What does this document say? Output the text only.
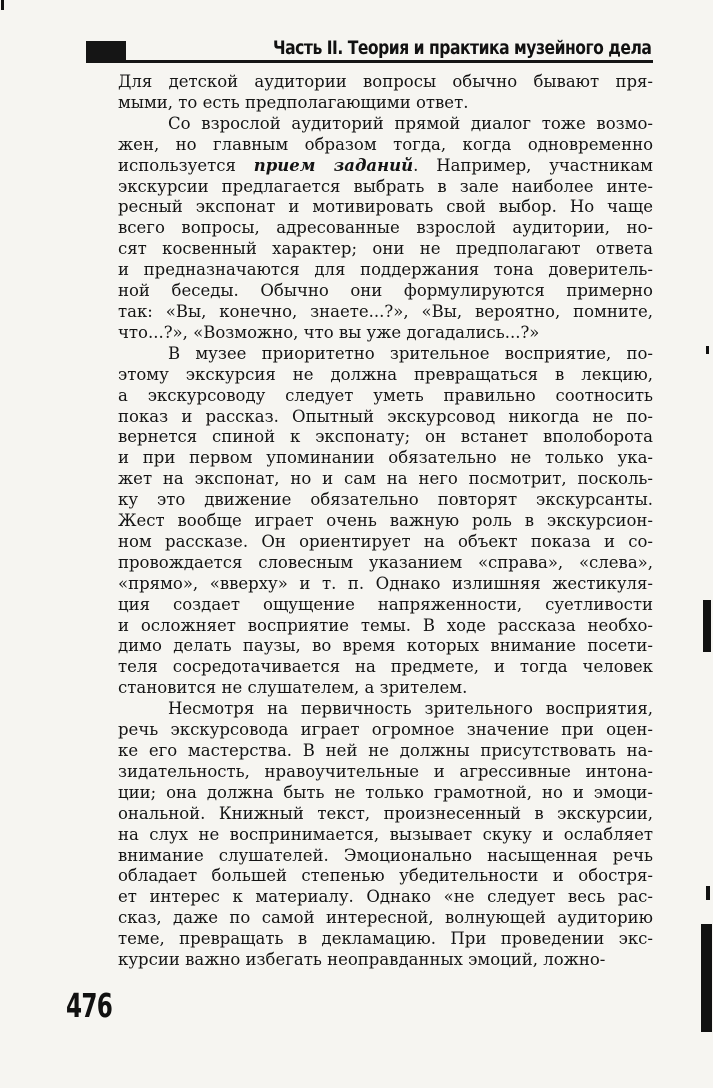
Часть II. Теория и практика музейного дела

Для детской аудитории вопросы обычно бывают пря-
мыми, то есть предполагающими ответ.

Со взрослой аудиторий прямой диалог тоже возмо-
жен, но главным образом тогда, когда одновременно
используется прием заданий. Например, участникам
экскурсии предлагается выбрать в зале наиболее инте-
ресный экспонат и мотивировать свой выбор. Но чаще
всего вопросы, адресованные взрослой аудитории, но-
сят косвенный характер; они не предполагают ответа
и предназначаются для поддержания тона доверитель-
ной беседы. Обычно они формулируются примерно
так: «Вы, конечно, знаете...?», «Вы, вероятно, помните,
что...?», «Возможно, что вы уже догадались...?»

В музее приоритетно зрительное восприятие, по-
этому экскурсия не должна превращаться в лекцию,
а экскурсоводу следует уметь правильно соотносить
показ и рассказ. Опытный экскурсовод никогда не по-
вернется спиной к экспонату; он встанет вполоборота
и при первом упоминании обязательно не только ука-
жет на экспонат, но и сам на него посмотрит, посколь-
ку это движение обязательно повторят экскурсанты.
Жест вообще играет очень важную роль в экскурсион-
ном рассказе. Он ориентирует на объект показа и со-
провождается словесным указанием «справа», «слева»,
«прямо», «вверху» и т. п. Однако излишняя жестикуля-
ция создает ощущение напряженности, суетливости
и осложняет восприятие темы. В ходе рассказа необхо-
димо делать паузы, во время которых внимание посети-
теля сосредотачивается на предмете, и тогда человек
становится не слушателем, а зрителем.

Несмотря на первичность зрительного восприятия,
речь экскурсовода играет огромное значение при оцен-
ке его мастерства. В ней не должны присутствовать на-
зидательность, нравоучительные и агрессивные интона-
ции; она должна быть не только грамотной, но и эмоци-
ональной. Книжный текст, произнесенный в экскурсии,
на слух не воспринимается, вызывает скуку и ослабляет
внимание слушателей. Эмоционально насыщенная речь
обладает большей степенью убедительности и обостря-
ет интерес к материалу. Однако «не следует весь рас-
сказ, даже по самой интересной, волнующей аудиторию
теме, превращать в декламацию. При проведении экс-
курсии важно избегать неоправданных эмоций, ложно-

476
